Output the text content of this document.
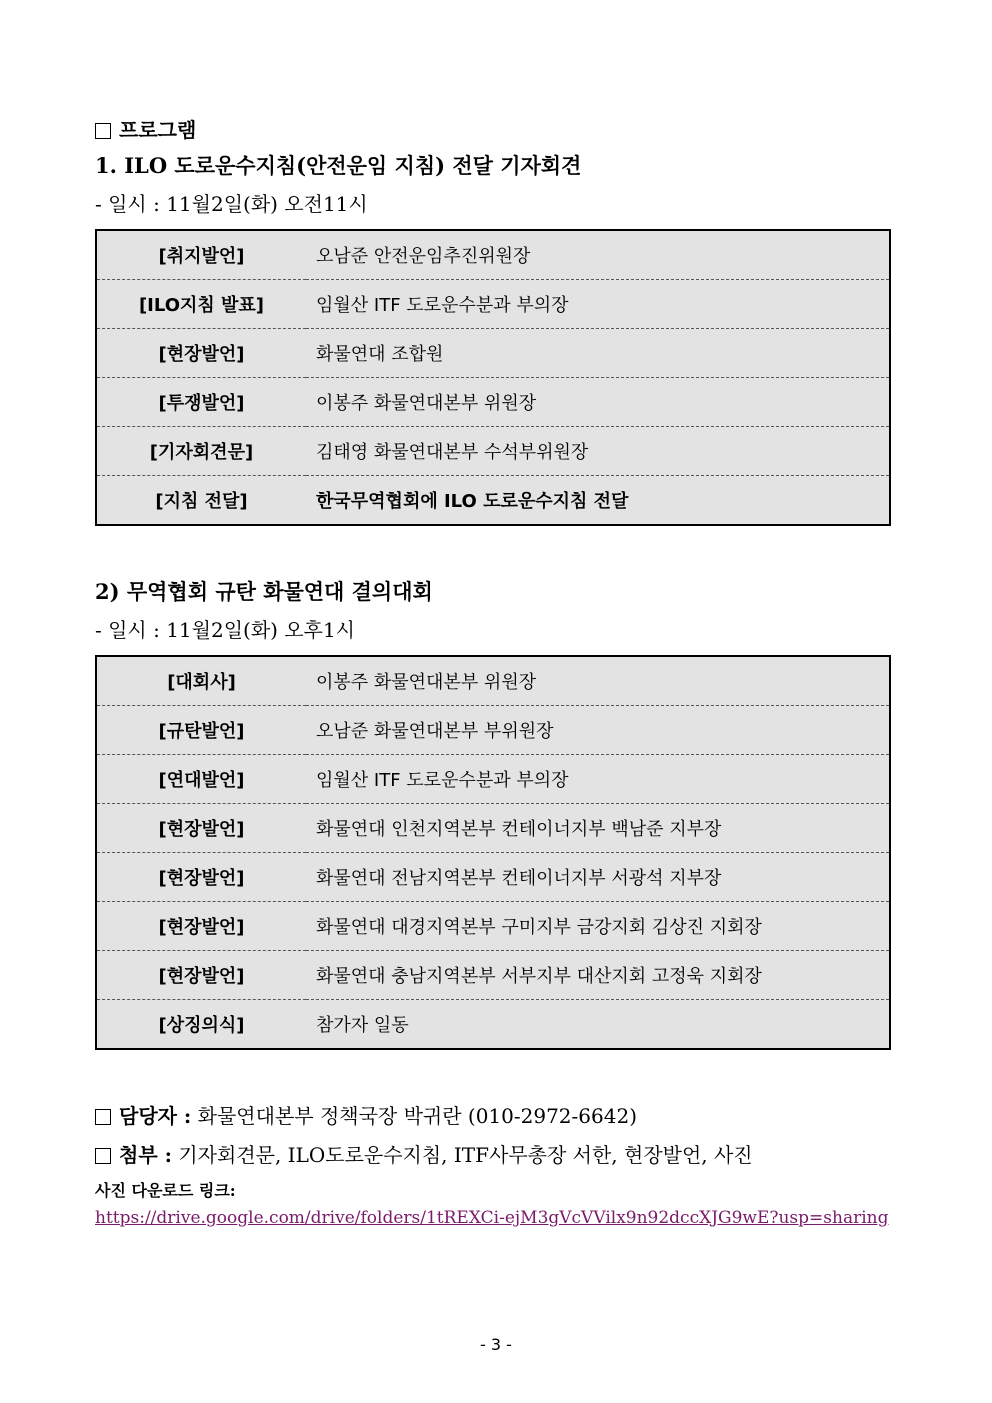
프로그램
1. ILO 도로운수지침(안전운임 지침) 전달 기자회견
- 일시 : 11월2일(화) 오전11시
[취지발언]	오남준 안전운임추진위원장
[ILO지침 발표]	임월산 ITF 도로운수분과 부의장
[현장발언]	화물연대 조합원
[투쟁발언]	이봉주 화물연대본부 위원장
[기자회견문]	김태영 화물연대본부 수석부위원장
[지침 전달]	한국무역협회에 ILO 도로운수지침 전달
2) 무역협회 규탄 화물연대 결의대회
- 일시 : 11월2일(화) 오후1시
[대회사]	이봉주 화물연대본부 위원장
[규탄발언]	오남준 화물연대본부 부위원장
[연대발언]	임월산 ITF 도로운수분과 부의장
[현장발언]	화물연대 인천지역본부 컨테이너지부 백남준 지부장
[현장발언]	화물연대 전남지역본부 컨테이너지부 서광석 지부장
[현장발언]	화물연대 대경지역본부 구미지부 금강지회 김상진 지회장
[현장발언]	화물연대 충남지역본부 서부지부 대산지회 고정욱 지회장
[상징의식]	참가자 일동
담당자 : 화물연대본부 정책국장 박귀란 (010-2972-6642)
첨부 : 기자회견문, ILO도로운수지침, ITF사무총장 서한, 현장발언, 사진
사진 다운로드 링크:
https://drive.google.com/drive/folders/1tREXCi-ejM3gVcVVilx9n92dccXJG9wE?usp=sharing
- 3 -
